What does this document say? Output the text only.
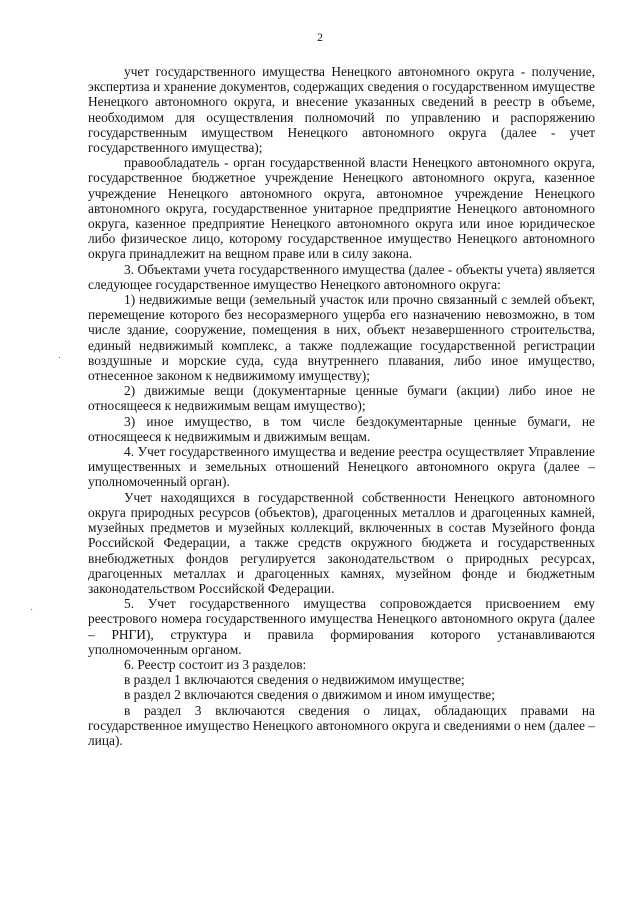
2
.
·

учет государственного имущества Ненецкого автономного округа - получение, экспертиза и хранение документов, содержащих сведения о государственном имуществе Ненецкого автономного округа, и внесение указанных сведений в реестр в объеме, необходимом для осуществления полномочий по управлению и распоряжению государственным имуществом Ненецкого автономного округа (далее - учет государственного имущества);

правообладатель - орган государственной власти Ненецкого автономного округа, государственное бюджетное учреждение Ненецкого автономного округа, казенное учреждение Ненецкого автономного округа, автономное учреждение Ненецкого автономного округа, государственное унитарное предприятие Ненецкого автономного округа, казенное предприятие Ненецкого автономного округа или иное юридическое либо физическое лицо, которому государственное имущество Ненецкого автономного округа принадлежит на вещном праве или в силу закона.

3. Объектами учета государственного имущества (далее - объекты учета) является следующее государственное имущество Ненецкого автономного округа:

1) недвижимые вещи (земельный участок или прочно связанный с землей объект, перемещение которого без несоразмерного ущерба его назначению невозможно, в том числе здание, сооружение, помещения в них, объект незавершенного строительства, единый недвижимый комплекс, а также подлежащие государственной регистрации воздушные и морские суда, суда внутреннего плавания, либо иное имущество, отнесенное законом к недвижимому имуществу);

2) движимые вещи (документарные ценные бумаги (акции) либо иное не относящееся к недвижимым вещам имущество);

3) иное имущество, в том числе бездокументарные ценные бумаги, не относящееся к недвижимым и движимым вещам.

4. Учет государственного имущества и ведение реестра осуществляет Управление имущественных и земельных отношений Ненецкого автономного округа (далее – уполномоченный орган).

Учет находящихся в государственной собственности Ненецкого автономного округа природных ресурсов (объектов), драгоценных металлов и драгоценных камней, музейных предметов и музейных коллекций, включенных в состав Музейного фонда Российской Федерации, а также средств окружного бюджета и государственных внебюджетных фондов регулируется законодательством о природных ресурсах, драгоценных металлах и драгоценных камнях, музейном фонде и бюджетным законодательством Российской Федерации.

5. Учет государственного имущества сопровождается присвоением ему реестрового номера государственного имущества Ненецкого автономного округа (далее – РНГИ), структура и правила формирования которого устанавливаются уполномоченным органом.

6. Реестр состоит из 3 разделов:

в раздел 1 включаются сведения о недвижимом имуществе;

в раздел 2 включаются сведения о движимом и ином имуществе;

в раздел 3 включаются сведения о лицах, обладающих правами на государственное имущество Ненецкого автономного округа и сведениями о нем (далее – лица).
